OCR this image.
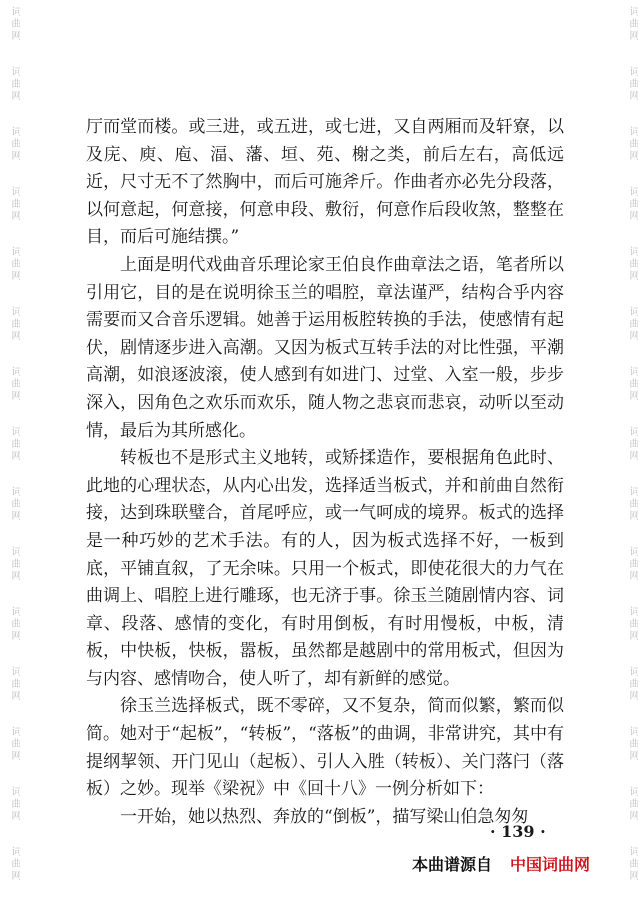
词曲网
词曲网
词曲网
词曲网
词曲网
词曲网
词曲网
词曲网
词曲网
词曲网
词曲网
词曲网
词曲网
词曲网
词曲网
词曲网
词曲网
词曲网
词曲网
词曲网
词曲网
词曲网
词曲网
词曲网
词曲网
词曲网
词曲网
词曲网
词曲网
词曲网

厅而堂而楼。或三进，或五进，或七进，又自两厢而及轩寮，以及庑、庾、庖、湢、藩、垣、苑、榭之类，前后左右，高低远近，尺寸无不了然胸中，而后可施斧斤。作曲者亦必先分段落，以何意起，何意接，何意申段、敷衍，何意作后段收煞，整整在目，而后可施结撰。”

上面是明代戏曲音乐理论家王伯良作曲章法之语，笔者所以引用它，目的是在说明徐玉兰的唱腔，章法谨严，结构合乎内容需要而又合音乐逻辑。她善于运用板腔转换的手法，使感情有起伏，剧情逐步进入高潮。又因为板式互转手法的对比性强，平潮高潮，如浪逐波滚，使人感到有如进门、过堂、入室一般，步步深入，因角色之欢乐而欢乐，随人物之悲哀而悲哀，动听以至动情，最后为其所感化。

转板也不是形式主义地转，或矫揉造作，要根据角色此时、此地的心理状态，从内心出发，选择适当板式，并和前曲自然衔接，达到珠联璧合，首尾呼应，或一气呵成的境界。板式的选择是一种巧妙的艺术手法。有的人，因为板式选择不好，一板到底，平铺直叙，了无余味。只用一个板式，即使花很大的力气在曲调上、唱腔上进行雕琢，也无济于事。徐玉兰随剧情内容、词章、段落、感情的变化，有时用倒板，有时用慢板，中板，清板，中快板，快板，嚣板，虽然都是越剧中的常用板式，但因为与内容、感情吻合，使人听了，却有新鲜的感觉。

徐玉兰选择板式，既不零碎，又不复杂，简而似繁，繁而似简。她对于“起板”，“转板”，“落板”的曲调，非常讲究，其中有提纲挈领、开门见山（起板）、引人入胜（转板）、关门落闩（落板）之妙。现举《梁祝》中《回十八》一例分析如下：

一开始，她以热烈、奔放的“倒板”，描写梁山伯急匆匆

· 139 ·
本曲谱源自 中国词曲网
